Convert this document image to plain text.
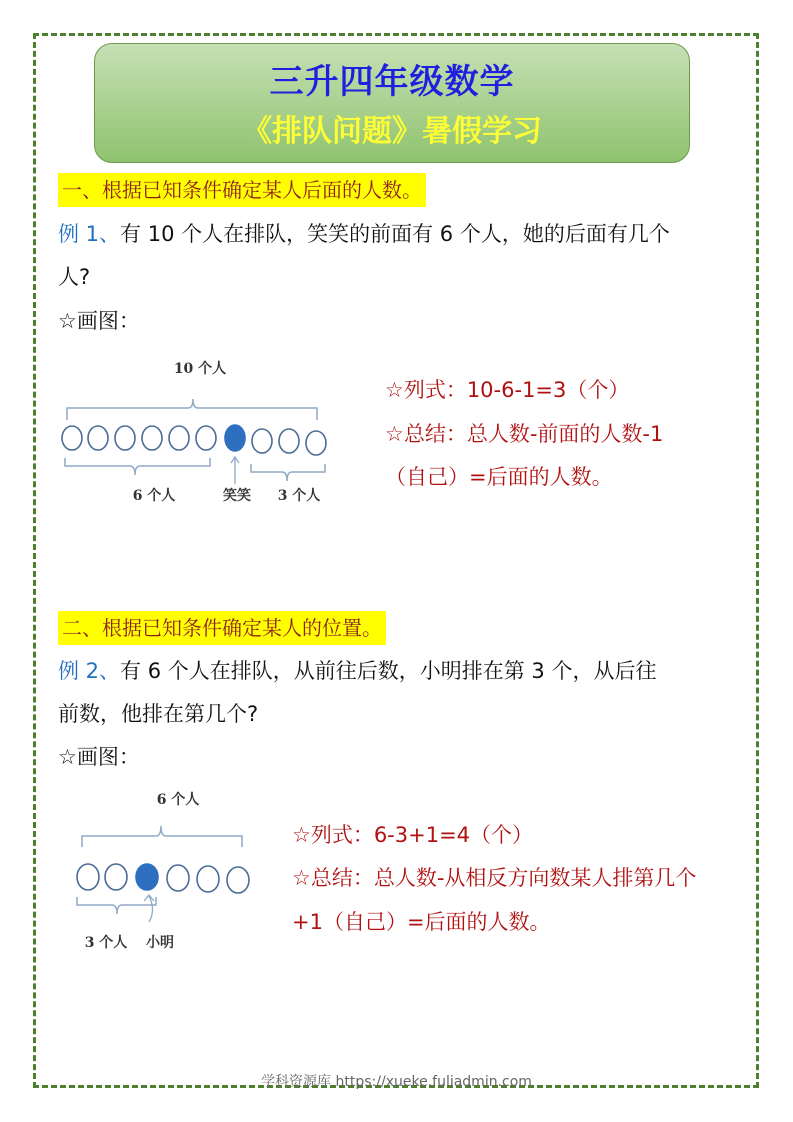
三升四年级数学
《排队问题》暑假学习
一、根据已知条件确定某人后面的人数。
例 1、有 10 个人在排队，笑笑的前面有 6 个人，她的后面有几个
人?
☆画图：
10 个人
6 个人	笑笑 3 个人
☆列式：10-6-1=3（个）
☆总结：总人数-前面的人数-1
（自己）=后面的人数。
二、根据已知条件确定某人的位置。
例 2、有 6 个人在排队，从前往后数，小明排在第 3 个，从后往
前数，他排在第几个?
☆画图：
6 个人
3 个人 小明
☆列式：6-3+1=4（个）
☆总结：总人数-从相反方向数某人排第几个
+1（自己）=后面的人数。
学科资源库 https://xueke.fuliadmin.com
